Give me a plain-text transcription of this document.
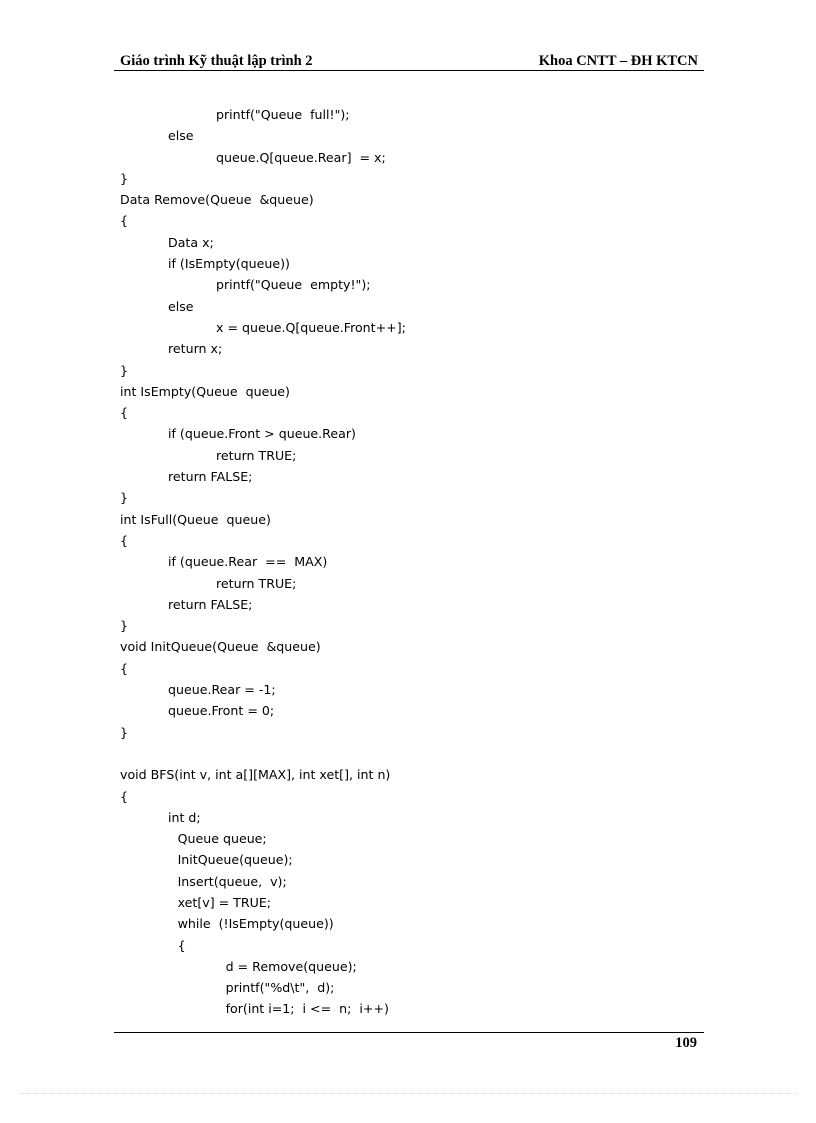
Giáo trình Kỹ thuật lập trình 2	Khoa CNTT – ĐH KTCN
printf("Queue  full!");
else
queue.Q[queue.Rear]  = x;
}
Data Remove(Queue  &queue)
{
Data x;
if (IsEmpty(queue))
printf("Queue  empty!");
else
x = queue.Q[queue.Front++];
return x;
}
int IsEmpty(Queue  queue)
{
if (queue.Front > queue.Rear)
return TRUE;
return FALSE;
}
int IsFull(Queue  queue)
{
if (queue.Rear  ==  MAX)
return TRUE;
return FALSE;
}
void InitQueue(Queue  &queue)
{
queue.Rear = -1;
queue.Front = 0;
}
void BFS(int v, int a[][MAX], int xet[], int n)
{
int d;
Queue queue;
InitQueue(queue);
Insert(queue,  v);
xet[v] = TRUE;
while  (!IsEmpty(queue))
{
d = Remove(queue);
printf("%d\t",  d);
for(int i=1;  i <=  n;  i++)
109
